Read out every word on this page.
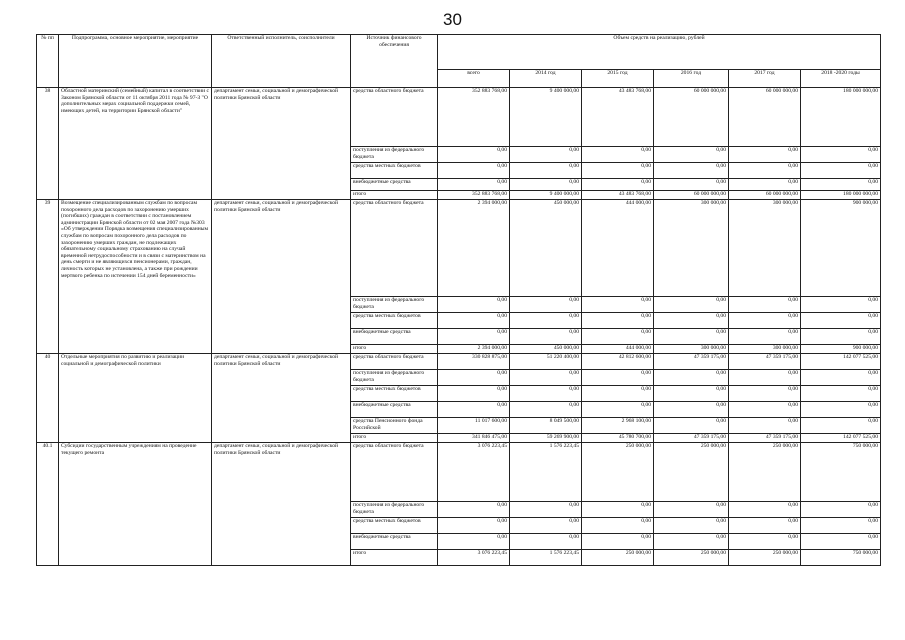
30
№ пп	Подпрограмма, основное мероприятие, мероприятие	Ответственный исполнитель, соисполнители	Источник финансового обеспечения	Объем средств на реализацию, рублей					
				всего	2014 год	2015 год	2016 год	2017 год	2018 -2020 годы
38	Областной материнский (семейный) капитал в соответствии с Законом Брянской области от 11 октября 2011 года № 97-З "О дополнительных мерах социальной поддержки семей, имеющих детей, на территории Брянской области"	департамент семьи, социальной и демографической политики Брянской области	средства областного бюджета	352 883 768,00	9 400 000,00	43 483 768,00	60 000 000,00	60 000 000,00	180 000 000,00
			поступления из федерального бюджета	0,00	0,00	0,00	0,00	0,00	0,00
			средства местных бюджетов	0,00	0,00	0,00	0,00	0,00	0,00
			внебюджетные средства	0,00	0,00	0,00	0,00	0,00	0,00
			итого	352 883 768,00	9 400 000,00	43 483 768,00	60 000 000,00	60 000 000,00	180 000 000,00
39	Возмещение специализированным службам по вопросам похоронного дела расходов по захоронению умерших (погибших) граждан в соответствии с постановлением администрации Брянской области от 02 мая 2007 года №303 «Об утверждении Порядка возмещения специализированным службам по вопросам похоронного дела расходов по захоронению умерших граждан, не подлежащих обязательному социальному страхованию на случай временной нетрудоспособности и в связи с материнством на день смерти и не являющихся пенсионерами, граждан, личность которых не установлена, а также при рождении мертвого ребенка по истечении 154 дней беременности»	департамент семьи, социальной и демографической политики Брянской области	средства областного бюджета	2 394 000,00	450 000,00	444 000,00	300 000,00	300 000,00	900 000,00
			поступления из федерального бюджета	0,00	0,00	0,00	0,00	0,00	0,00
			средства местных бюджетов	0,00	0,00	0,00	0,00	0,00	0,00
			внебюджетные средства	0,00	0,00	0,00	0,00	0,00	0,00
			итого	2 394 000,00	450 000,00	444 000,00	300 000,00	300 000,00	900 000,00
40	Отдельные мероприятия по развитию и реализации социальной и демографической политики	департамент семьи, социальной и демографической политики Брянской области	средства областного бюджета	330 828 875,00	51 220 400,00	42 812 600,00	47 359 175,00	47 359 175,00	142 077 525,00
			поступления из федерального бюджета	0,00	0,00	0,00	0,00	0,00	0,00
			средства местных бюджетов	0,00	0,00	0,00	0,00	0,00	0,00
			внебюджетные средства	0,00	0,00	0,00	0,00	0,00	0,00
			средства Пенсионного фонда Российской	11 017 600,00	8 049 500,00	2 968 100,00	0,00	0,00	0,00
			итого	341 846 475,00	59 269 900,00	45 780 700,00	47 359 175,00	47 359 175,00	142 077 525,00
40.1	Субсидии государственным учреждениям на проведение текущего ремонта	департамент семьи, социальной и демографической политики Брянской области	средства областного бюджета	3 076 223,45	1 576 223,45	250 000,00	250 000,00	250 000,00	750 000,00
			поступления из федерального бюджета	0,00	0,00	0,00	0,00	0,00	0,00
			средства местных бюджетов	0,00	0,00	0,00	0,00	0,00	0,00
			внебюджетные средства	0,00	0,00	0,00	0,00	0,00	0,00
			итого	3 076 223,45	1 576 223,45	250 000,00	250 000,00	250 000,00	750 000,00
